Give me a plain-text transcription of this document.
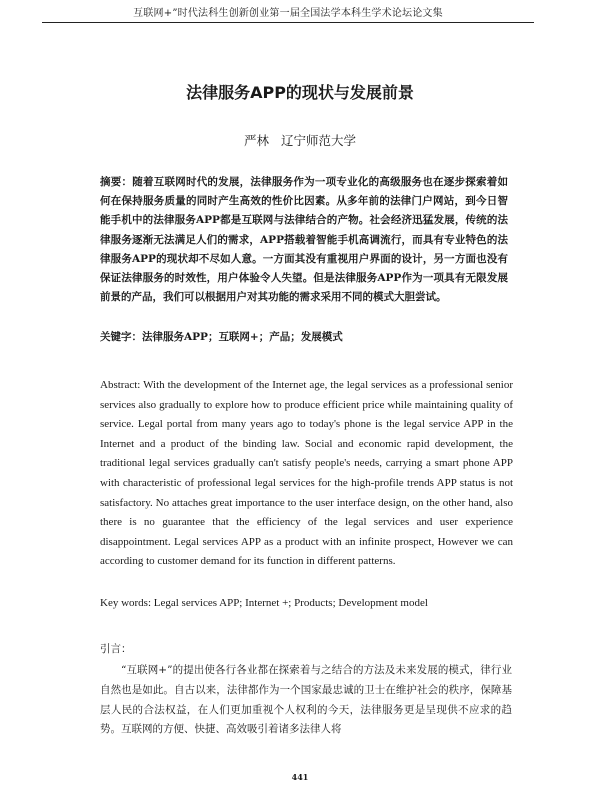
互联网+”时代法科生创新创业第一届全国法学本科生学术论坛论文集
法律服务APP的现状与发展前景
严林 辽宁师范大学
摘要：随着互联网时代的发展，法律服务作为一项专业化的高级服务也在逐步探索着如何在保持服务质量的同时产生高效的性价比因素。从多年前的法律门户网站，到今日智能手机中的法律服务APP都是互联网与法律结合的产物。社会经济迅猛发展，传统的法律服务逐渐无法满足人们的需求，APP搭载着智能手机高调流行，而具有专业特色的法律服务APP的现状却不尽如人意。一方面其没有重视用户界面的设计，另一方面也没有保证法律服务的时效性，用户体验令人失望。但是法律服务APP作为一项具有无限发展前景的产品，我们可以根据用户对其功能的需求采用不同的模式大胆尝试。
关键字：法律服务APP；互联网+；产品；发展模式
Abstract: With the development of the Internet age, the legal services as a professional senior services also gradually to explore how to produce efficient price while maintaining quality of service. Legal portal from many years ago to today's phone is the legal service APP in the Internet and a product of the binding law. Social and economic rapid development, the traditional legal services gradually can't satisfy people's needs, carrying a smart phone APP with characteristic of professional legal services for the high-profile trends APP status is not satisfactory. No attaches great importance to the user interface design, on the other hand, also there is no guarantee that the efficiency of the legal services and user experience disappointment. Legal services APP as a product with an infinite prospect, However we can according to customer demand for its function in different patterns.
Key words: Legal services APP; Internet +; Products; Development model
引言：
“互联网+”的提出使各行各业都在探索着与之结合的方法及未来发展的模式，律行业自然也是如此。自古以来，法律都作为一个国家最忠诚的卫士在维护社会的秩序，保障基层人民的合法权益，在人们更加重视个人权利的今天，法律服务更是呈现供不应求的趋势。互联网的方便、快捷、高效吸引着诸多法律人将
441
